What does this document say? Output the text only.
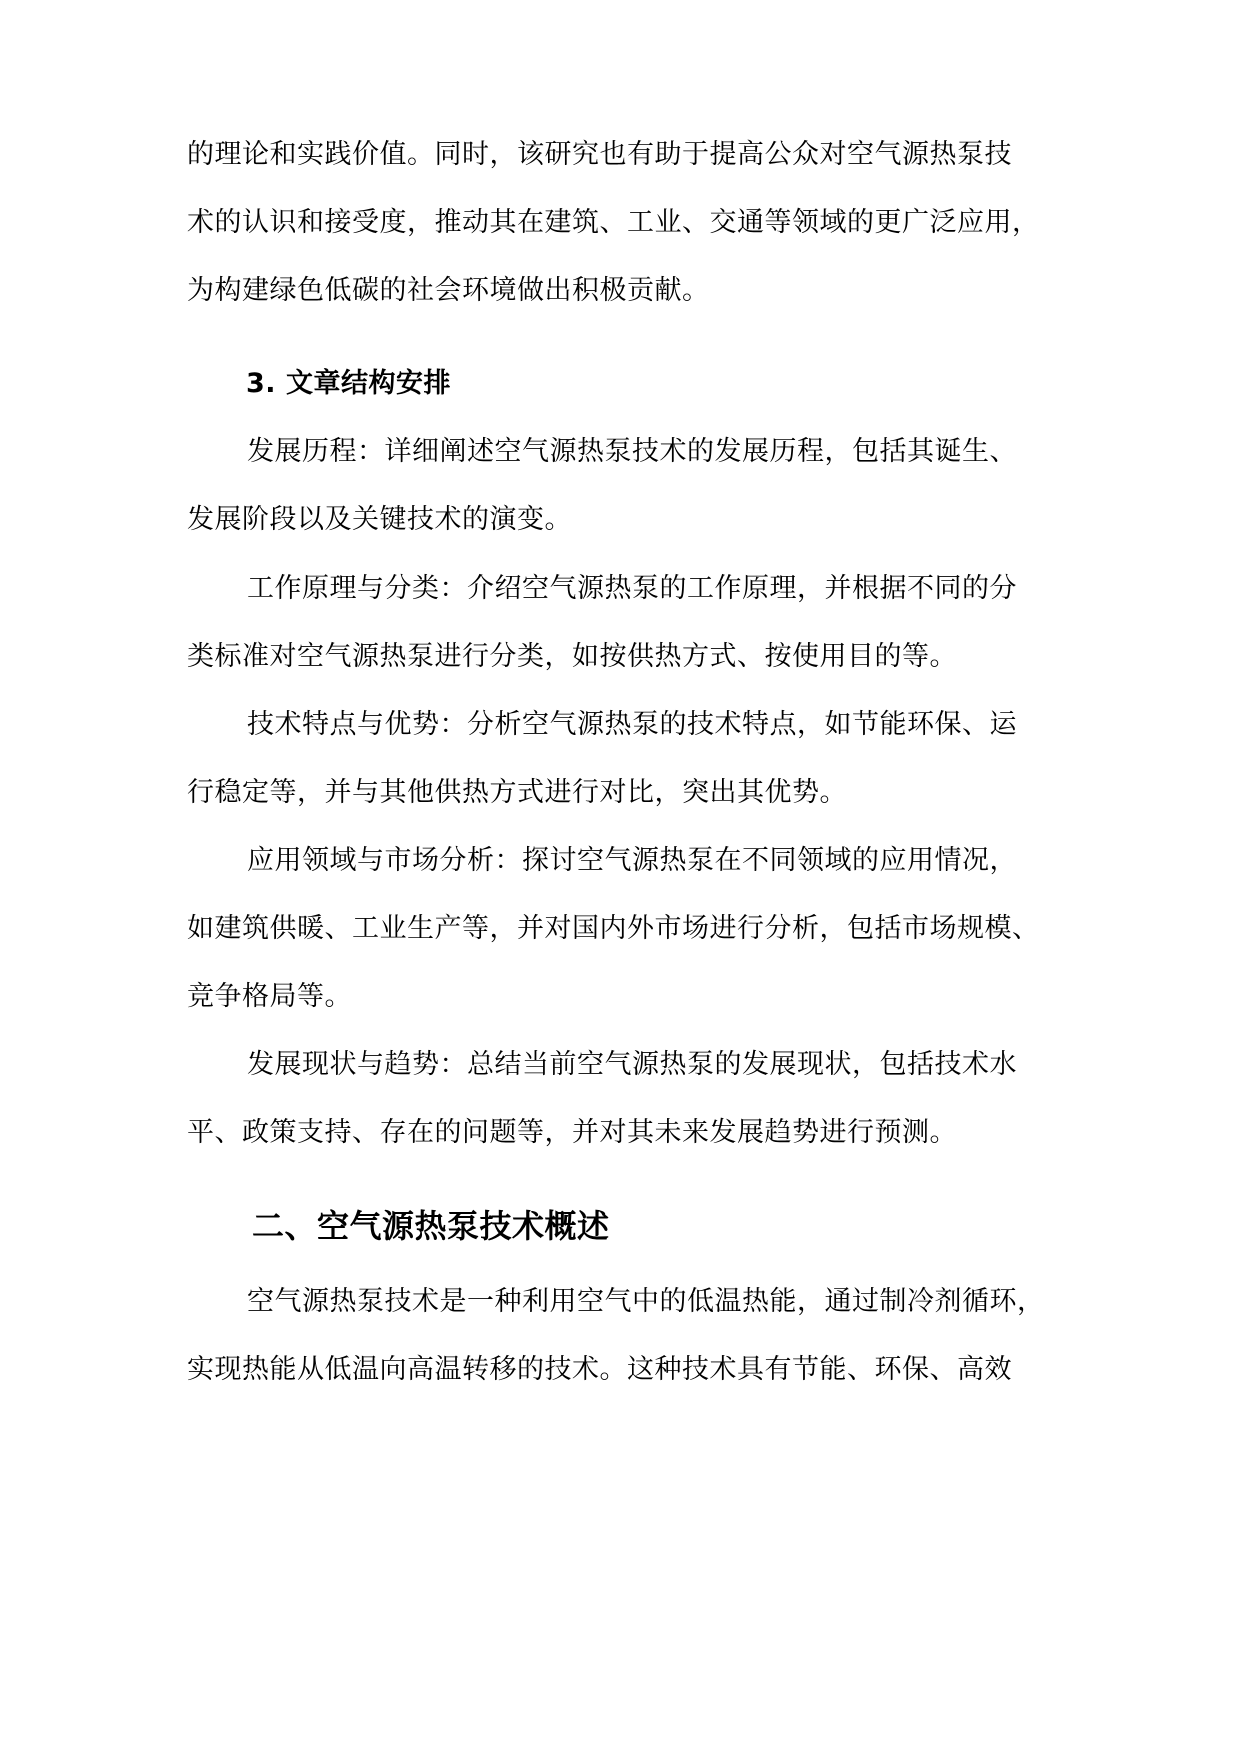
的理论和实践价值。同时，该研究也有助于提高公众对空气源热泵技
术的认识和接受度，推动其在建筑、工业、交通等领域的更广泛应用，
为构建绿色低碳的社会环境做出积极贡献。
3. 文章结构安排
发展历程：详细阐述空气源热泵技术的发展历程，包括其诞生、
发展阶段以及关键技术的演变。
工作原理与分类：介绍空气源热泵的工作原理，并根据不同的分
类标准对空气源热泵进行分类，如按供热方式、按使用目的等。
技术特点与优势：分析空气源热泵的技术特点，如节能环保、运
行稳定等，并与其他供热方式进行对比，突出其优势。
应用领域与市场分析：探讨空气源热泵在不同领域的应用情况，
如建筑供暖、工业生产等，并对国内外市场进行分析，包括市场规模、
竞争格局等。
发展现状与趋势：总结当前空气源热泵的发展现状，包括技术水
平、政策支持、存在的问题等，并对其未来发展趋势进行预测。
二、空气源热泵技术概述
空气源热泵技术是一种利用空气中的低温热能，通过制冷剂循环，
实现热能从低温向高温转移的技术。这种技术具有节能、环保、高效
